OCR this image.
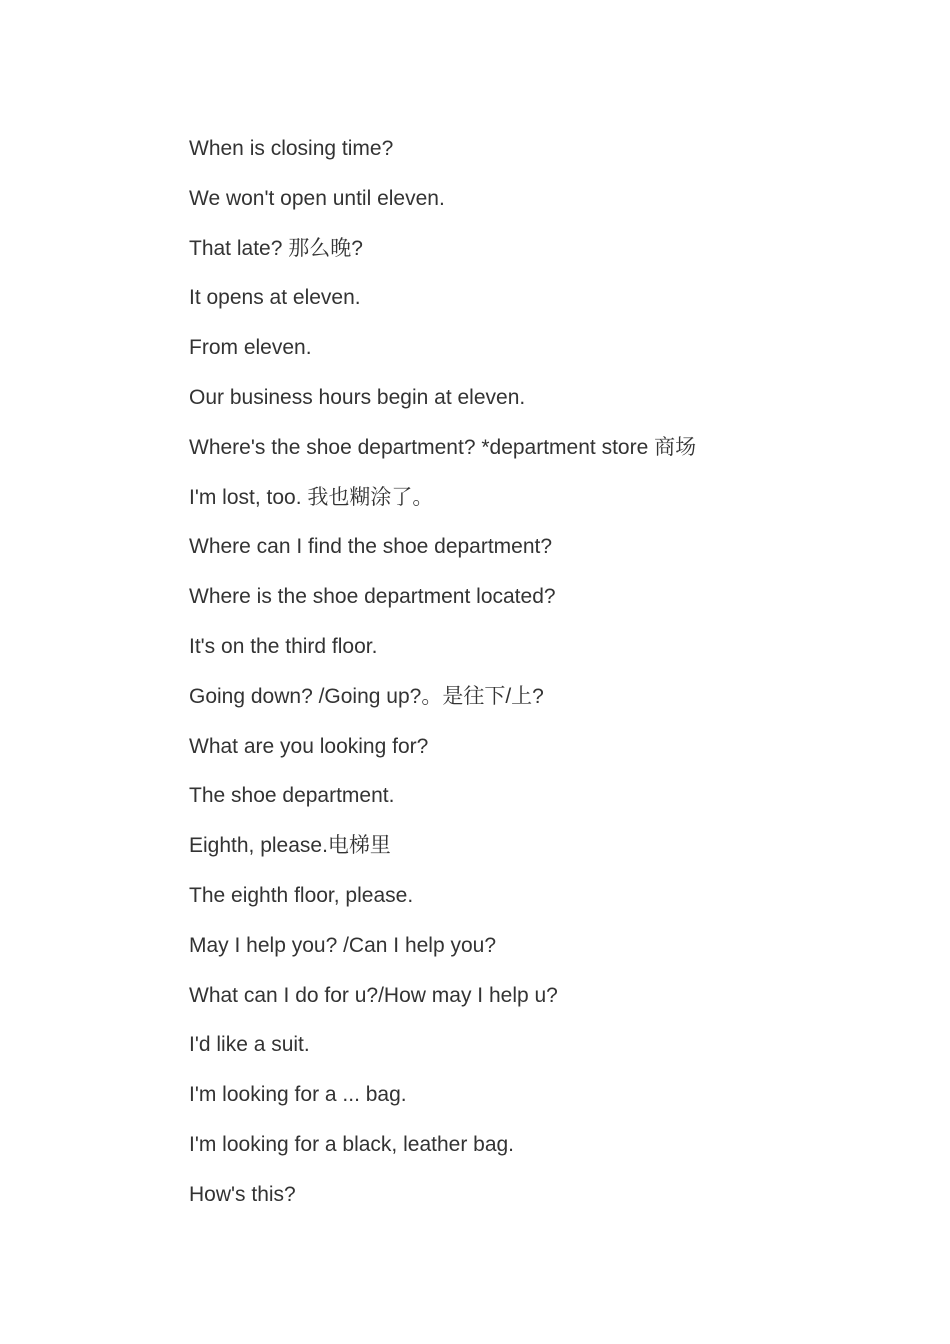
When is closing time?

We won't open until eleven.

That late? 那么晚?

It opens at eleven.

From eleven.

Our business hours begin at eleven.

Where's the shoe department? *department store 商场

I'm lost, too. 我也糊涂了。

Where can I find the shoe department?

Where is the shoe department located?

It's on the third floor.

Going down? /Going up?。是往下/上?

What are you looking for?

The shoe department.

Eighth, please.电梯里

The eighth floor, please.

May I help you? /Can I help you?

What can I do for u?/How may I help u?

I'd like a suit.

I'm looking for a ... bag.

I'm looking for a black, leather bag.

How's this?
